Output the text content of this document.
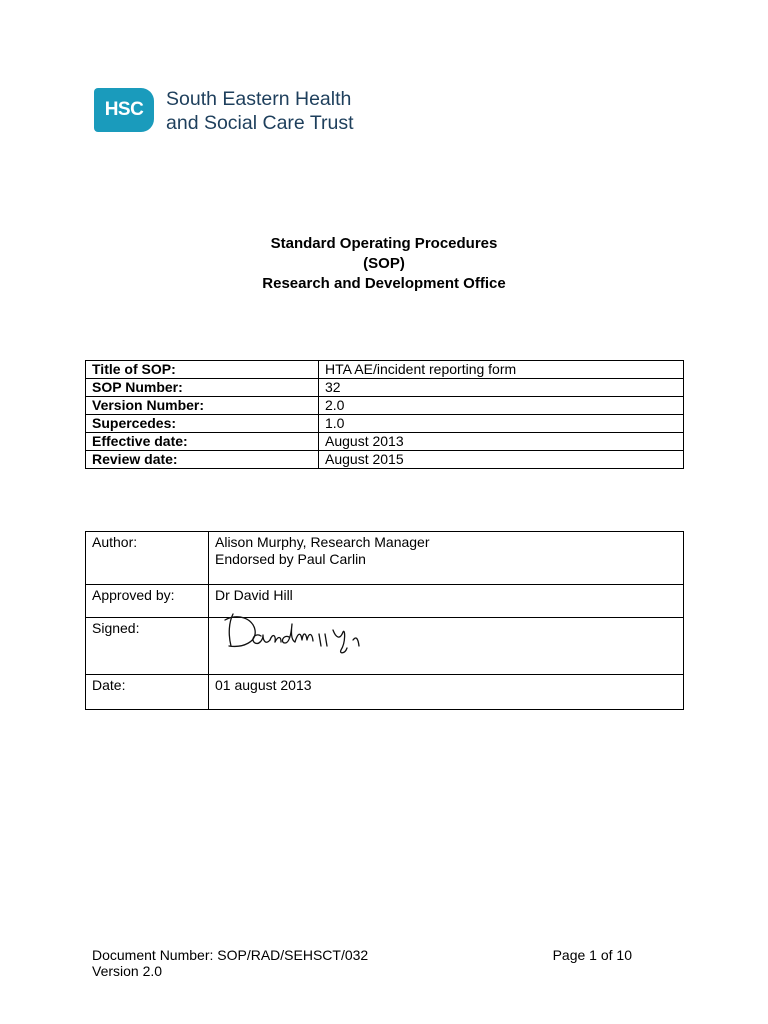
HSC	South Eastern Health
and Social Care Trust
Standard Operating Procedures
(SOP)
Research and Development Office
Title of SOP:	HTA AE/incident reporting form
SOP Number:	32
Version Number:	2.0
Supercedes:	1.0
Effective date:	August 2013
Review date:	August 2015
Author:	Alison Murphy, Research Manager
Endorsed by Paul Carlin

Approved by:	Dr David Hill
Signed:	

Date:	01 august 2013
Document Number: SOP/RAD/SEHSCT/032	Page 1 of 10
Version 2.0
